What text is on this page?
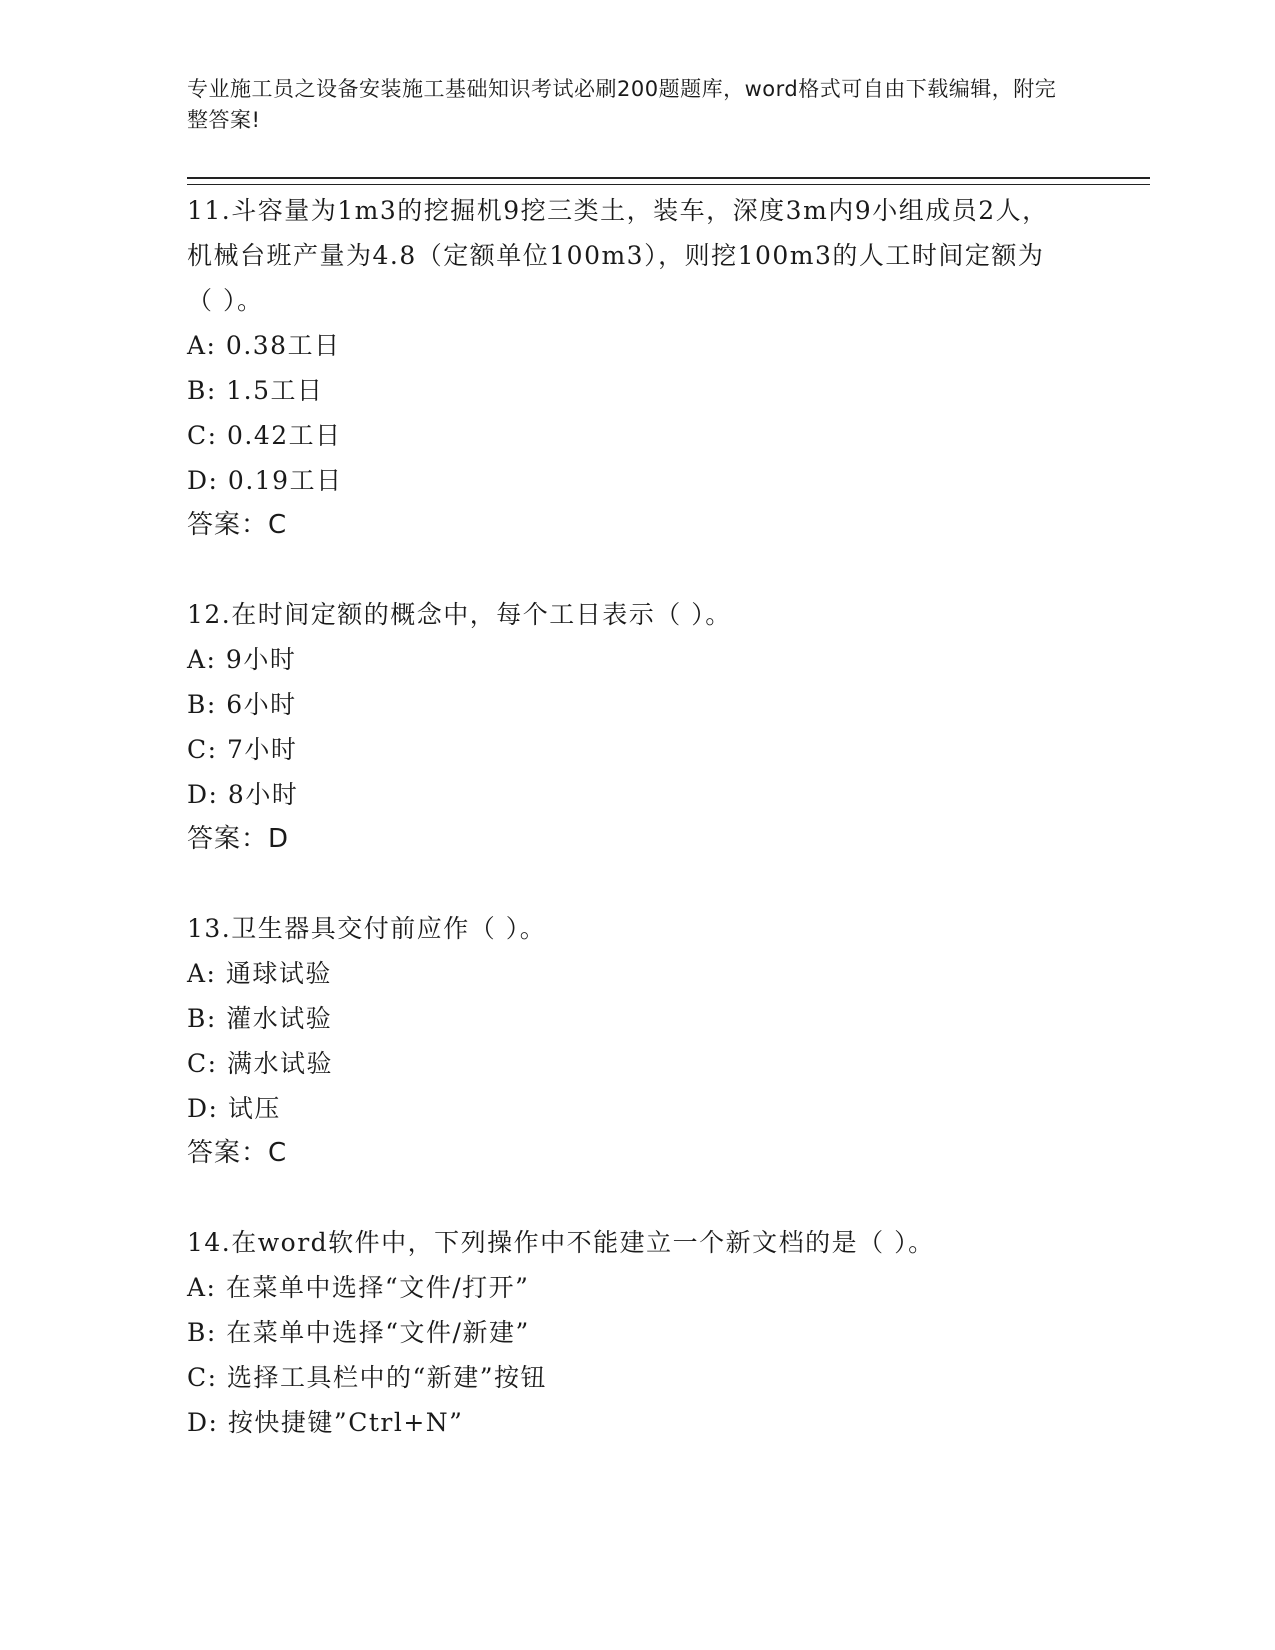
专业施工员之设备安装施工基础知识考试必刷200题题库，word格式可自由下载编辑，附完整答案!
11.斗容量为1m3的挖掘机9挖三类土，装车，深度3m内9小组成员2人，机械台班产量为4.8（定额单位100m3），则挖100m3的人工时间定额为（ ）。
A: 0.38工日
B: 1.5工日
C: 0.42工日
D: 0.19工日
答案：C
12.在时间定额的概念中，每个工日表示（ ）。
A: 9小时
B: 6小时
C: 7小时
D: 8小时
答案：D
13.卫生器具交付前应作（ ）。
A: 通球试验
B: 灌水试验
C: 满水试验
D: 试压
答案：C
14.在word软件中，下列操作中不能建立一个新文档的是（ ）。
A: 在菜单中选择“文件/打开”
B: 在菜单中选择“文件/新建”
C: 选择工具栏中的“新建”按钮
D: 按快捷键”Ctrl+N”
